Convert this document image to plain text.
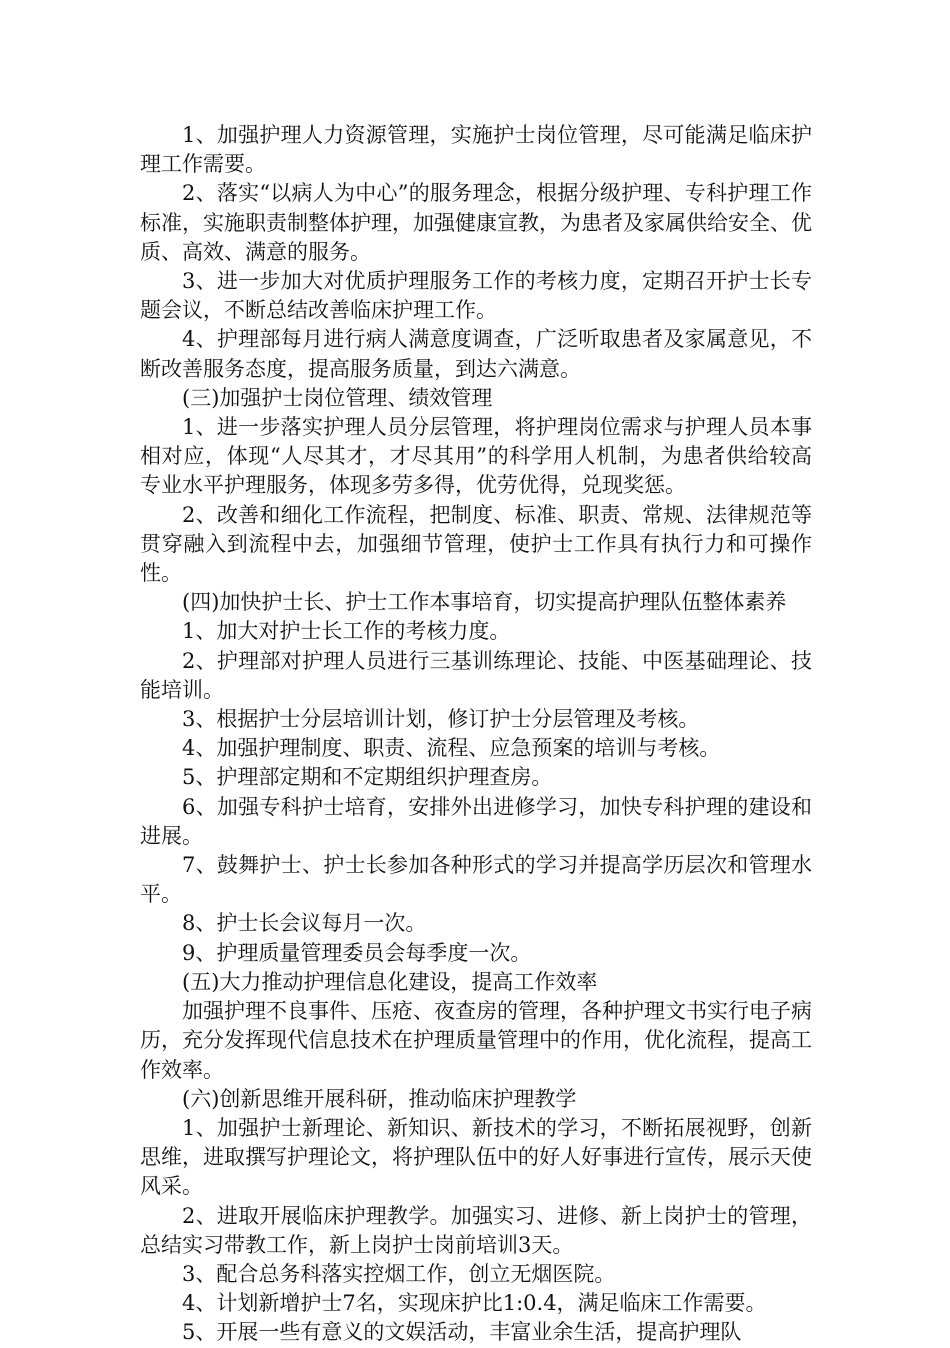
1、加强护理人力资源管理，实施护士岗位管理，尽可能满足临床护理工作需要。

2、落实“以病人为中心”的服务理念，根据分级护理、专科护理工作标准，实施职责制整体护理，加强健康宣教，为患者及家属供给安全、优质、高效、满意的服务。

3、进一步加大对优质护理服务工作的考核力度，定期召开护士长专题会议，不断总结改善临床护理工作。

4、护理部每月进行病人满意度调查，广泛听取患者及家属意见，不断改善服务态度，提高服务质量，到达六满意。

(三)加强护士岗位管理、绩效管理

1、进一步落实护理人员分层管理，将护理岗位需求与护理人员本事相对应，体现“人尽其才，才尽其用”的科学用人机制，为患者供给较高专业水平护理服务，体现多劳多得，优劳优得，兑现奖惩。

2、改善和细化工作流程，把制度、标准、职责、常规、法律规范等贯穿融入到流程中去，加强细节管理，使护士工作具有执行力和可操作性。

(四)加快护士长、护士工作本事培育，切实提高护理队伍整体素养

1、加大对护士长工作的考核力度。

2、护理部对护理人员进行三基训练理论、技能、中医基础理论、技能培训。

3、根据护士分层培训计划，修订护士分层管理及考核。

4、加强护理制度、职责、流程、应急预案的培训与考核。

5、护理部定期和不定期组织护理查房。

6、加强专科护士培育，安排外出进修学习，加快专科护理的建设和进展。

7、鼓舞护士、护士长参加各种形式的学习并提高学历层次和管理水平。

8、护士长会议每月一次。

9、护理质量管理委员会每季度一次。

(五)大力推动护理信息化建设，提高工作效率

加强护理不良事件、压疮、夜查房的管理，各种护理文书实行电子病历，充分发挥现代信息技术在护理质量管理中的作用，优化流程，提高工作效率。

(六)创新思维开展科研，推动临床护理教学

1、加强护士新理论、新知识、新技术的学习，不断拓展视野，创新思维，进取撰写护理论文，将护理队伍中的好人好事进行宣传，展示天使风采。

2、进取开展临床护理教学。加强实习、进修、新上岗护士的管理，总结实习带教工作，新上岗护士岗前培训3天。

3、配合总务科落实控烟工作，创立无烟医院。

4、计划新增护士7名，实现床护比1:0.4，满足临床工作需要。

5、开展一些有意义的文娱活动，丰富业余生活，提高护理队
